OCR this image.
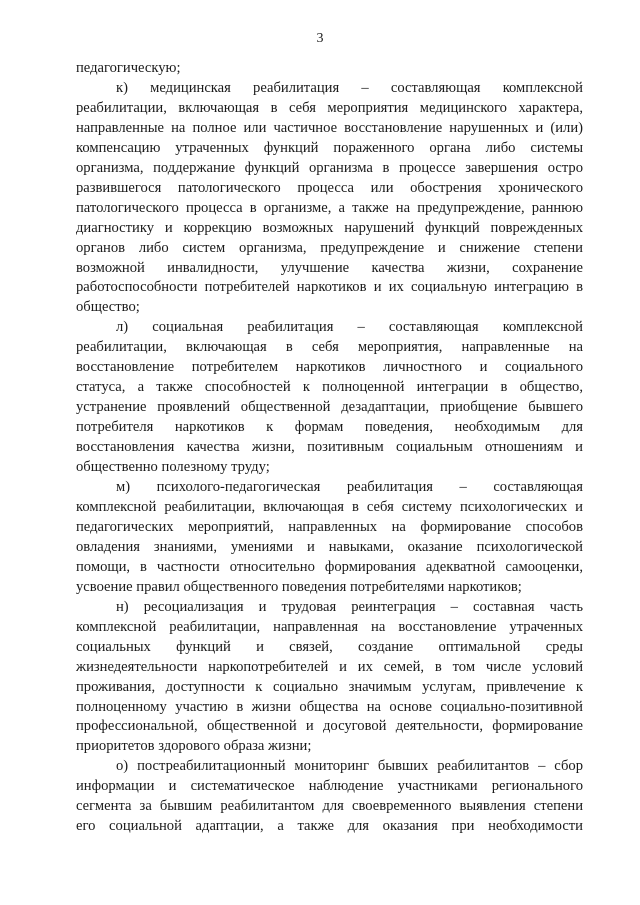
3

педагогическую;

к) медицинская реабилитация – составляющая комплексной
реабилитации, включающая в себя мероприятия медицинского характера,
направленные на полное или частичное восстановление нарушенных и (или)
компенсацию утраченных функций пораженного органа либо системы
организма, поддержание функций организма в процессе завершения остро
развившегося патологического процесса или обострения хронического
патологического процесса в организме, а также на предупреждение, раннюю
диагностику и коррекцию возможных нарушений функций поврежденных
органов либо систем организма, предупреждение и снижение степени
возможной инвалидности, улучшение качества жизни, сохранение
работоспособности потребителей наркотиков и их социальную интеграцию в
общество;

л) социальная реабилитация – составляющая комплексной
реабилитации, включающая в себя мероприятия, направленные на
восстановление потребителем наркотиков личностного и социального
статуса, а также способностей к полноценной интеграции в общество,
устранение проявлений общественной дезадаптации, приобщение бывшего
потребителя наркотиков к формам поведения, необходимым для
восстановления качества жизни, позитивным социальным отношениям и
общественно полезному труду;

м) психолого-педагогическая реабилитация – составляющая
комплексной реабилитации, включающая в себя систему психологических и
педагогических мероприятий, направленных на формирование способов
овладения знаниями, умениями и навыками, оказание психологической
помощи, в частности относительно формирования адекватной самооценки,
усвоение правил общественного поведения потребителями наркотиков;

н) ресоциализация и трудовая реинтеграция – составная часть
комплексной реабилитации, направленная на восстановление утраченных
социальных функций и связей, создание оптимальной среды
жизнедеятельности наркопотребителей и их семей, в том числе условий
проживания, доступности к социально значимым услугам, привлечение к
полноценному участию в жизни общества на основе социально-позитивной
профессиональной, общественной и досуговой деятельности, формирование
приоритетов здорового образа жизни;

о) постреабилитационный мониторинг бывших реабилитантов – сбор
информации и систематическое наблюдение участниками регионального
сегмента за бывшим реабилитантом для своевременного выявления степени
его социальной адаптации, а также для оказания при необходимости
